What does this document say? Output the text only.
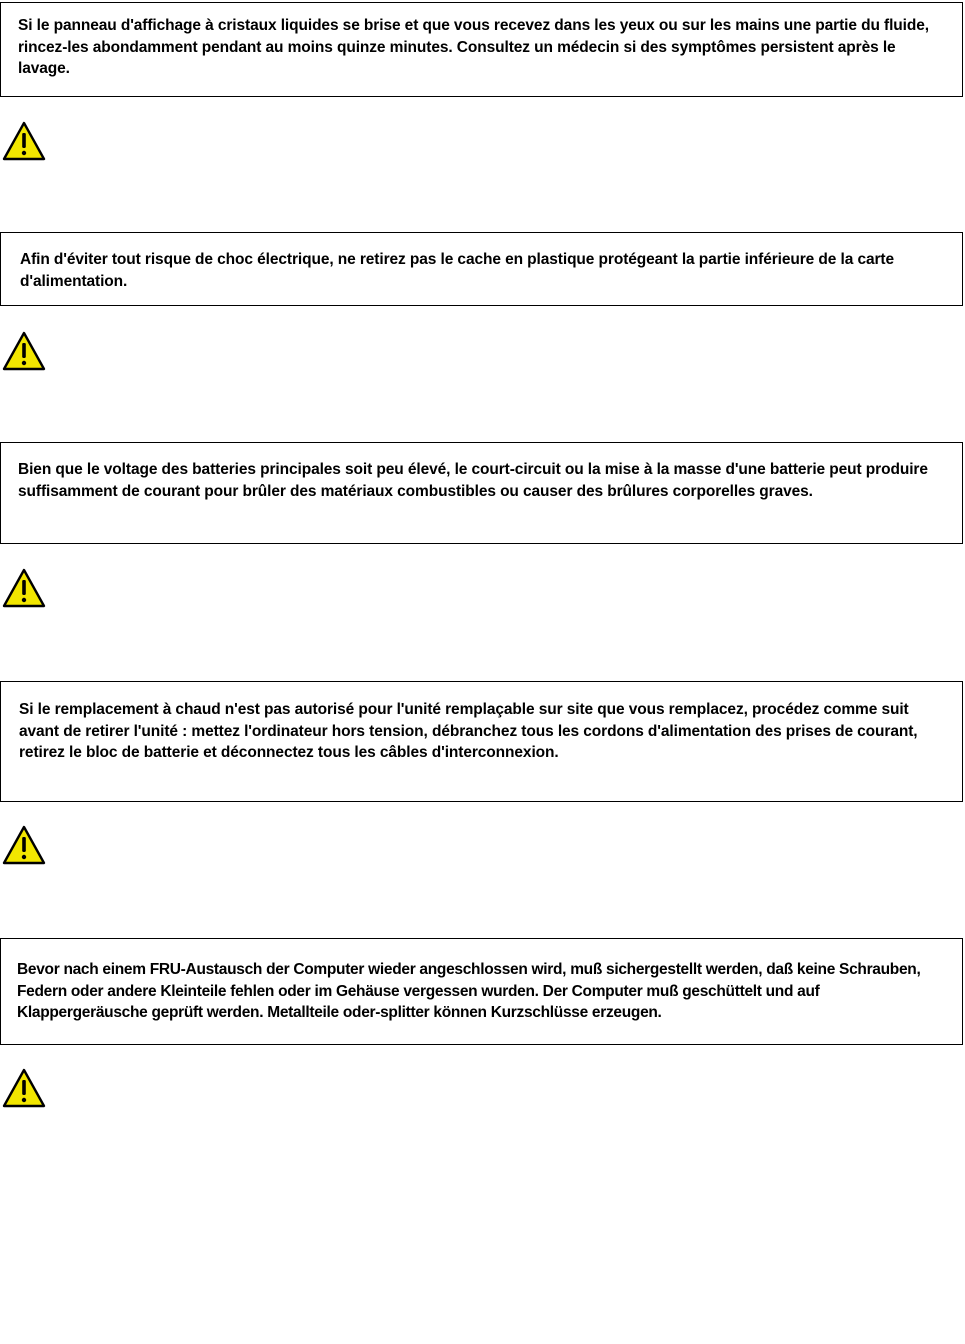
Si le panneau d'affichage à cristaux liquides se brise et que vous recevez dans les yeux ou sur les mains une partie du fluide, rincez-les abondamment pendant au moins quinze minutes. Consultez un médecin si des symptômes persistent après le lavage.

Afin d'éviter tout risque de choc électrique, ne retirez pas le cache en plastique protégeant la partie inférieure de la carte d'alimentation.

Bien que le voltage des batteries principales soit peu élevé, le court-circuit ou la mise à la masse d'une batterie peut produire suffisamment de courant pour brûler des matériaux combustibles ou causer des brûlures corporelles graves.

Si le remplacement à chaud n'est pas autorisé pour l'unité remplaçable sur site que vous remplacez, procédez comme suit avant de retirer l'unité : mettez l'ordinateur hors tension, débranchez tous les cordons d'alimentation des prises de courant, retirez le bloc de batterie et déconnectez tous les câbles d'interconnexion.

Bevor nach einem FRU-Austausch der Computer wieder angeschlossen wird, muß sichergestellt werden, daß keine Schrauben, Federn oder andere Kleinteile fehlen oder im Gehäuse vergessen wurden. Der Computer muß geschüttelt und auf Klappergeräusche geprüft werden. Metallteile oder-splitter können Kurzschlüsse erzeugen.
